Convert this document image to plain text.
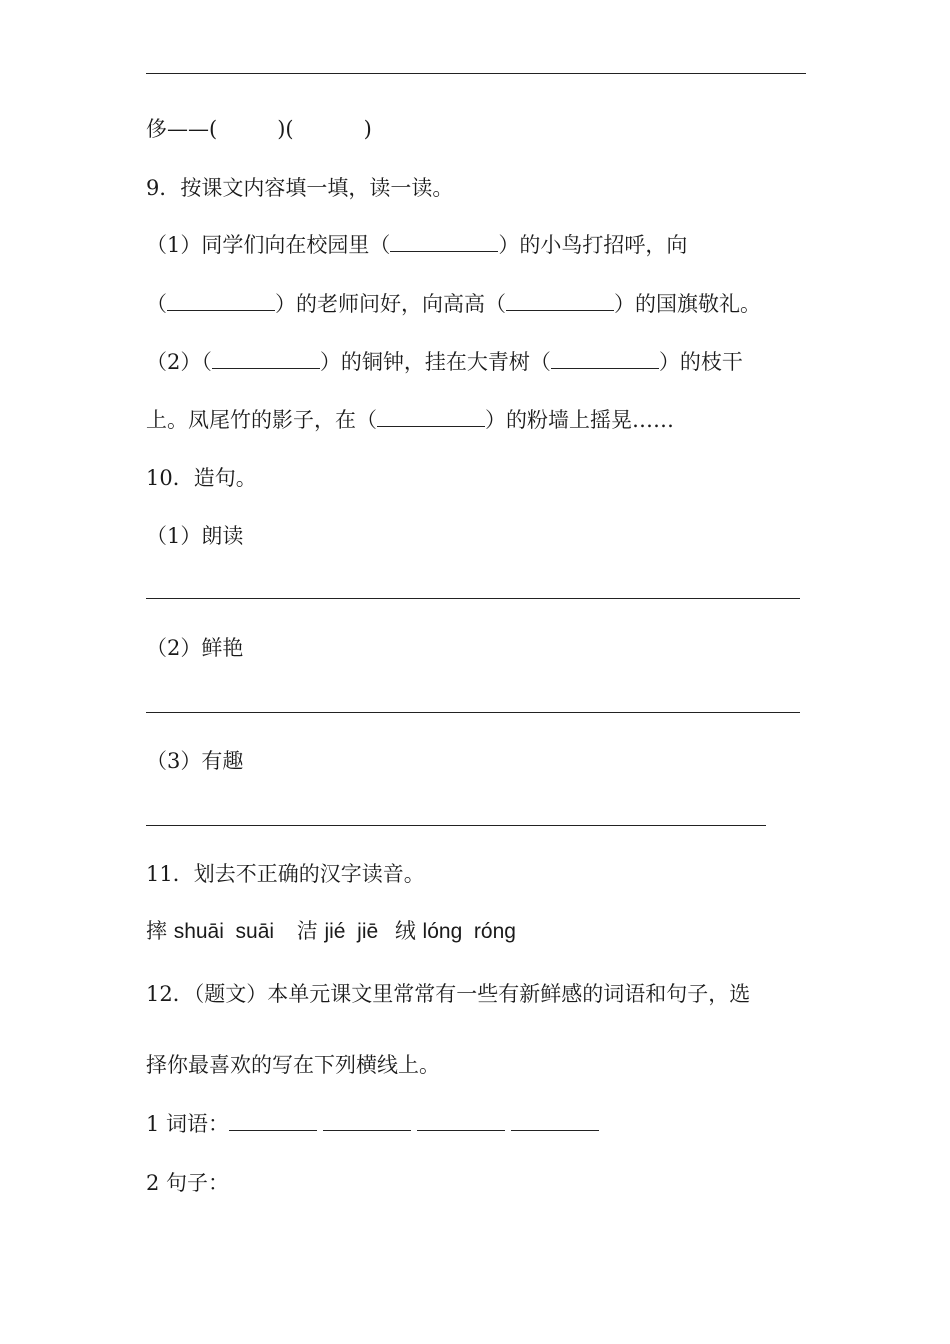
侈——(	)(	)
9．按课文内容填一填，读一读。
（1）同学们向在校园里（	）的小鸟打招呼，向
（	）的老师问好，向高高（	）的国旗敬礼。
（2）（	）的铜钟，挂在大青树（	）的枝干
上。凤尾竹的影子，在（	）的粉墙上摇晃……
10．造句。
（1）朗读
（2）鲜艳
（3）有趣
11．划去不正确的汉字读音。
摔 shuāi  suāi 洁 jié  jiē 绒 lóng  róng
12．（题文）本单元课文里常常有一些有新鲜感的词语和句子，选
择你最喜欢的写在下列横线上。
1 词语：
2 句子：
